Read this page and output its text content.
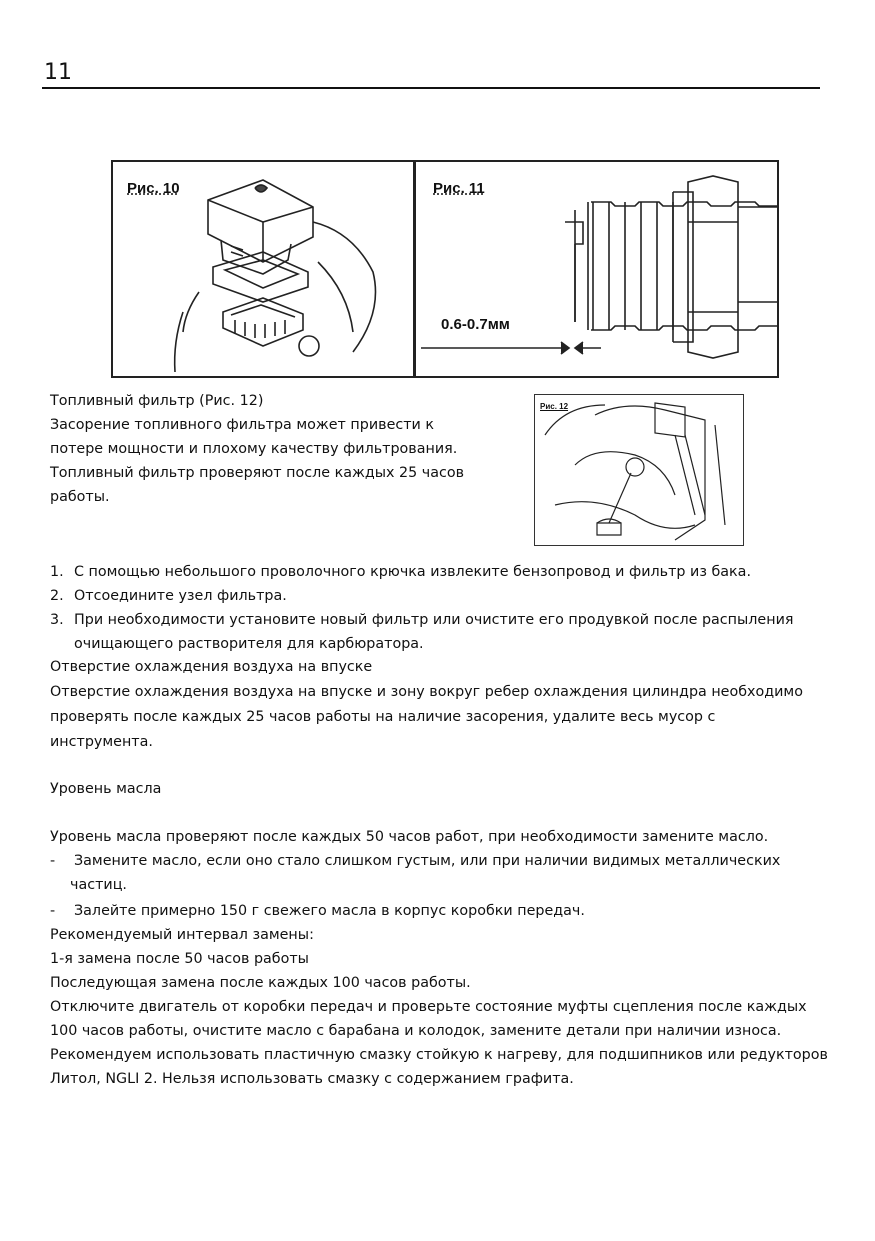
11
Рис. 10	Рис. 11
0.6-0.7мм
Рис. 12
Топливный фильтр (Рис. 12)
Засорение топливного фильтра может привести к
потере мощности и плохому качеству фильтрования.
Топливный фильтр проверяют после каждых 25 часов
работы.
1. С помощью небольшого проволочного крючка извлеките бензопровод и фильтр из бака.
2. Отсоедините узел фильтра.
3. При необходимости установите новый фильтр или очистите его продувкой после распыления
очищающего растворителя для карбюратора.
Отверстие охлаждения воздуха на впуске
Отверстие охлаждения воздуха на впуске и зону вокруг ребер охлаждения цилиндра необходимо
проверять после каждых 25 часов работы на наличие засорения, удалите весь мусор с
инструмента.
Уровень масла
Уровень масла проверяют после каждых 50 часов работ, при необходимости замените масло.
- Замените масло, если оно стало слишком густым, или при наличии видимых металлических
частиц.
- Залейте примерно 150 г свежего масла в корпус коробки передач.
Рекомендуемый интервал замены:
1-я замена после 50 часов работы
Последующая замена после каждых 100 часов работы.
Отключите двигатель от коробки передач и проверьте состояние муфты сцепления после каждых
100 часов работы, очистите масло с барабана и колодок, замените детали при наличии износа.
Рекомендуем использовать пластичную смазку стойкую к нагреву, для подшипников или редукторов
Литол, NGLI 2. Нельзя использовать смазку с содержанием графита.
